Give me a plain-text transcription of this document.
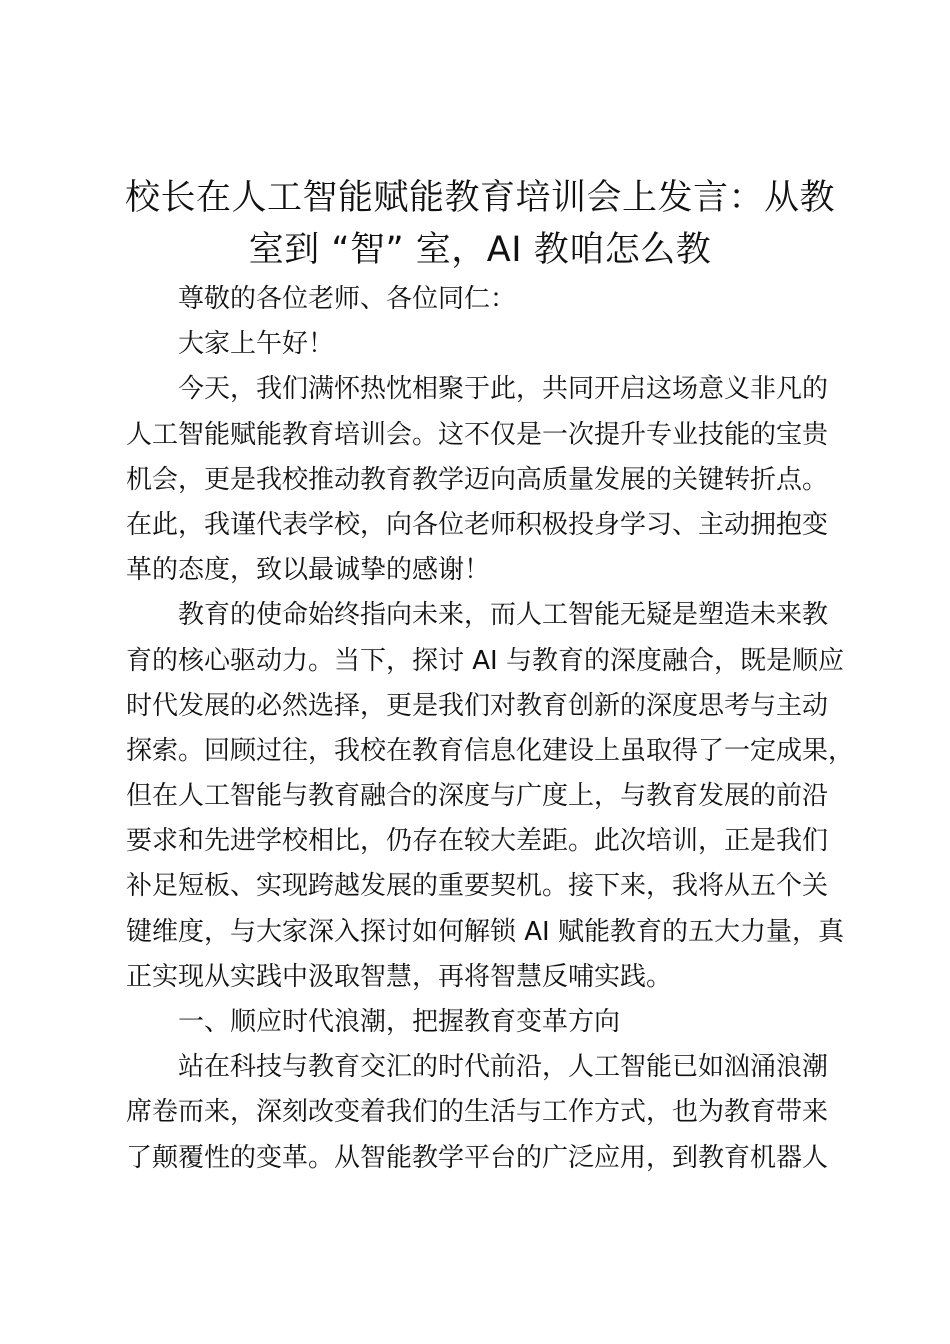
校长在人工智能赋能教育培训会上发言：从教
室到 “智” 室，AI 教咱怎么教

尊敬的各位老师、各位同仁：

大家上午好！

今天，我们满怀热忱相聚于此，共同开启这场意义非凡的
人工智能赋能教育培训会。这不仅是一次提升专业技能的宝贵
机会，更是我校推动教育教学迈向高质量发展的关键转折点。
在此，我谨代表学校，向各位老师积极投身学习、主动拥抱变
革的态度，致以最诚挚的感谢！

教育的使命始终指向未来，而人工智能无疑是塑造未来教
育的核心驱动力。当下，探讨 AI 与教育的深度融合，既是顺应
时代发展的必然选择，更是我们对教育创新的深度思考与主动
探索。回顾过往，我校在教育信息化建设上虽取得了一定成果，
但在人工智能与教育融合的深度与广度上，与教育发展的前沿
要求和先进学校相比，仍存在较大差距。此次培训，正是我们
补足短板、实现跨越发展的重要契机。接下来，我将从五个关
键维度，与大家深入探讨如何解锁 AI 赋能教育的五大力量，真
正实现从实践中汲取智慧，再将智慧反哺实践。

一、顺应时代浪潮，把握教育变革方向

站在科技与教育交汇的时代前沿，人工智能已如汹涌浪潮
席卷而来，深刻改变着我们的生活与工作方式，也为教育带来
了颠覆性的变革。从智能教学平台的广泛应用，到教育机器人
